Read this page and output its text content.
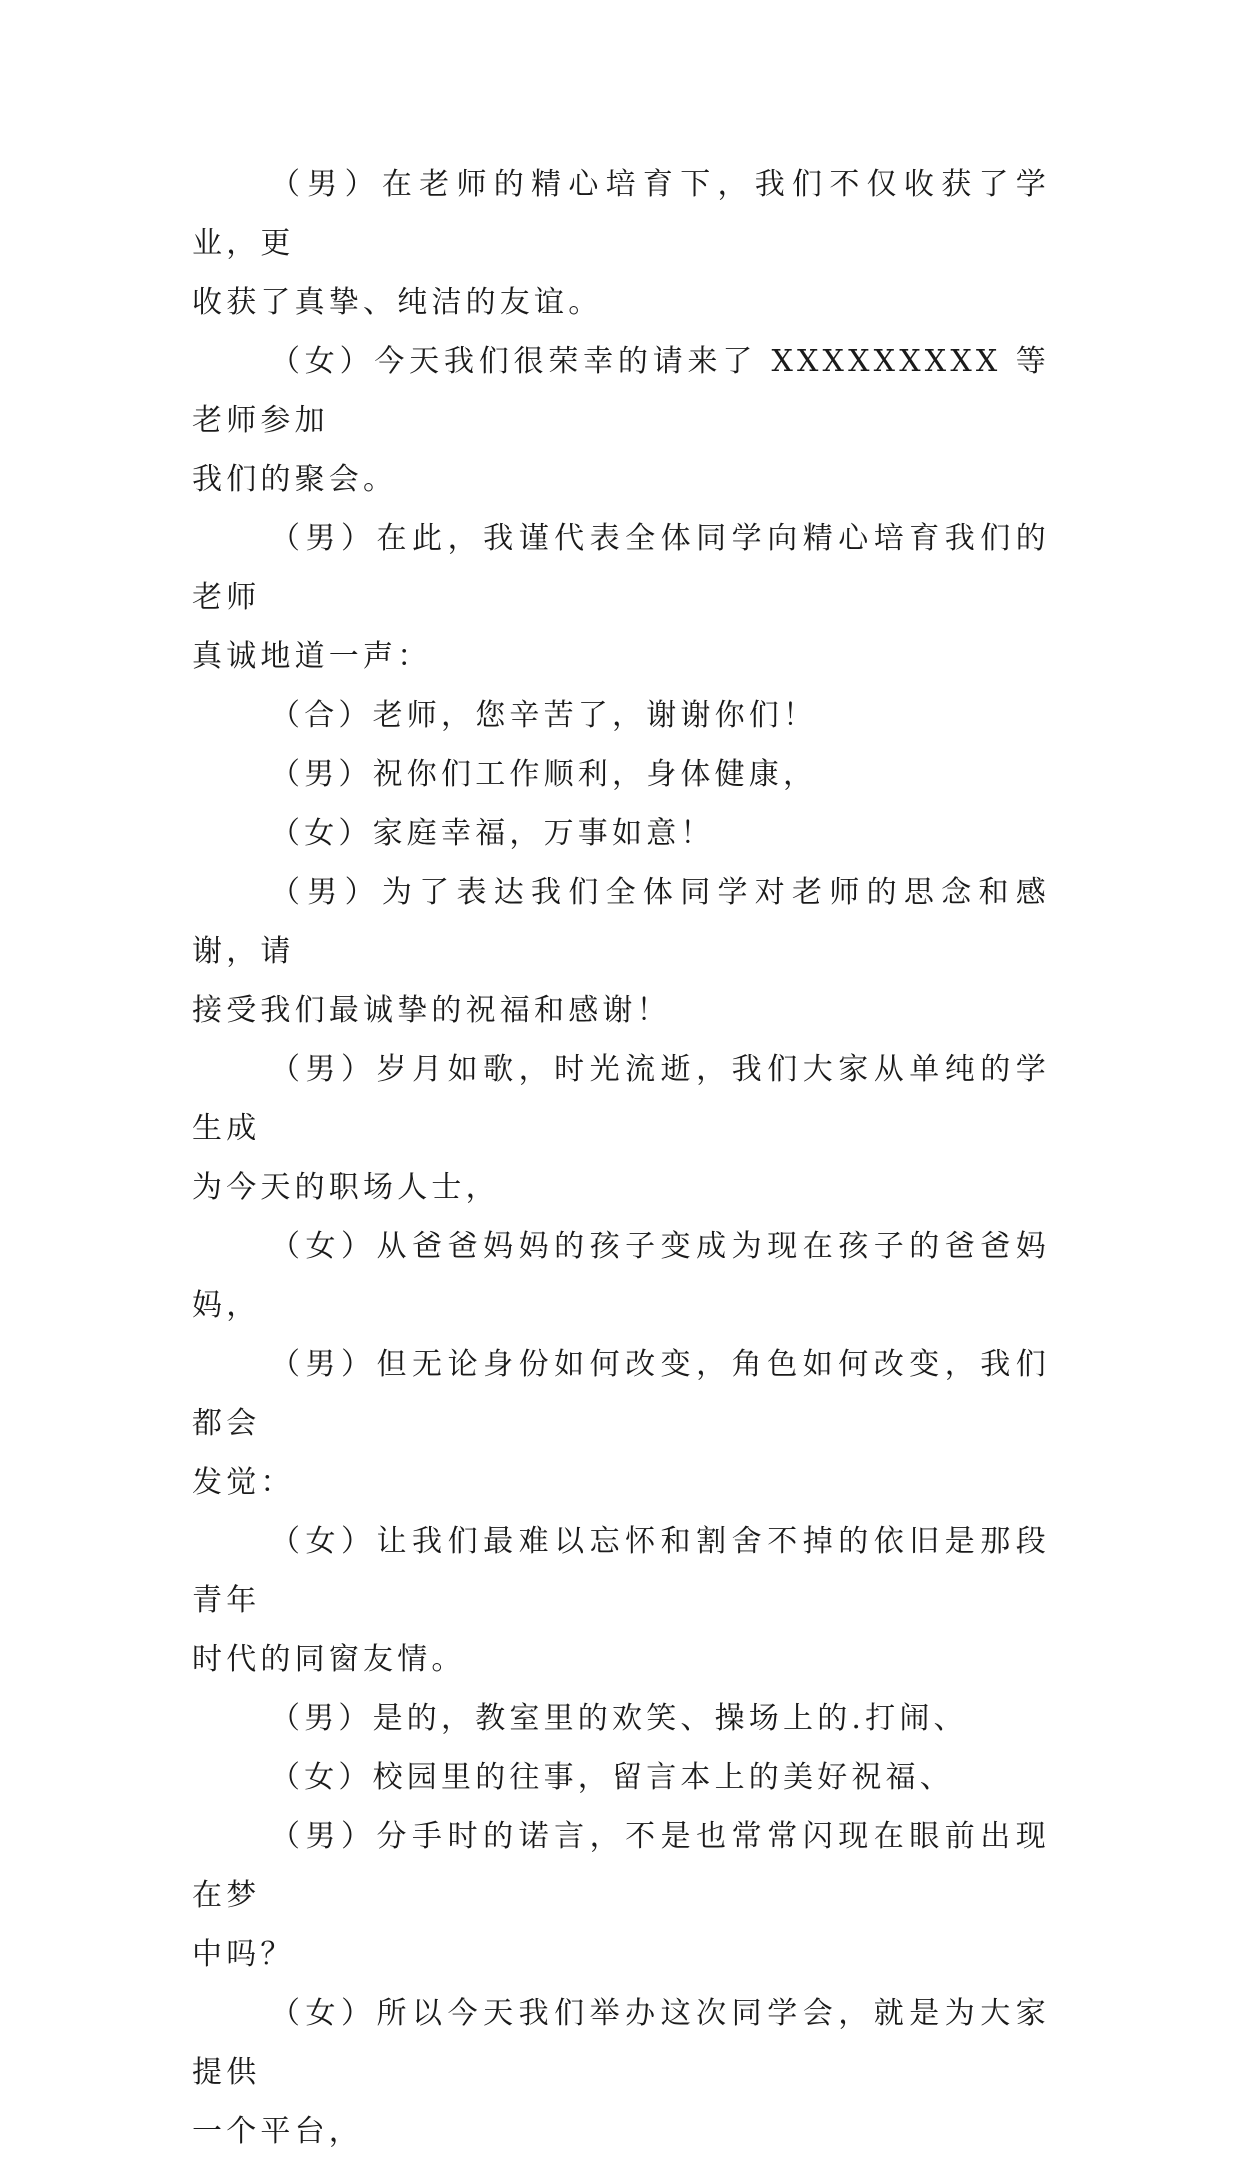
（男）在老师的精心培育下，我们不仅收获了学业，更
收获了真挚、纯洁的友谊。

（女）今天我们很荣幸的请来了 XXXXXXXXX 等老师参加
我们的聚会。

（男）在此，我谨代表全体同学向精心培育我们的老师
真诚地道一声：

（合）老师，您辛苦了，谢谢你们！

（男）祝你们工作顺利，身体健康，

（女）家庭幸福，万事如意！

（男）为了表达我们全体同学对老师的思念和感谢，请
接受我们最诚挚的祝福和感谢！

（男）岁月如歌，时光流逝，我们大家从单纯的学生成
为今天的职场人士，

（女）从爸爸妈妈的孩子变成为现在孩子的爸爸妈妈，

（男）但无论身份如何改变，角色如何改变，我们都会
发觉：

（女）让我们最难以忘怀和割舍不掉的依旧是那段青年
时代的同窗友情。

（男）是的，教室里的欢笑、操场上的.打闹、

（女）校园里的往事，留言本上的美好祝福、

（男）分手时的诺言，不是也常常闪现在眼前出现在梦
中吗？

（女）所以今天我们举办这次同学会，就是为大家提供
一个平台，
